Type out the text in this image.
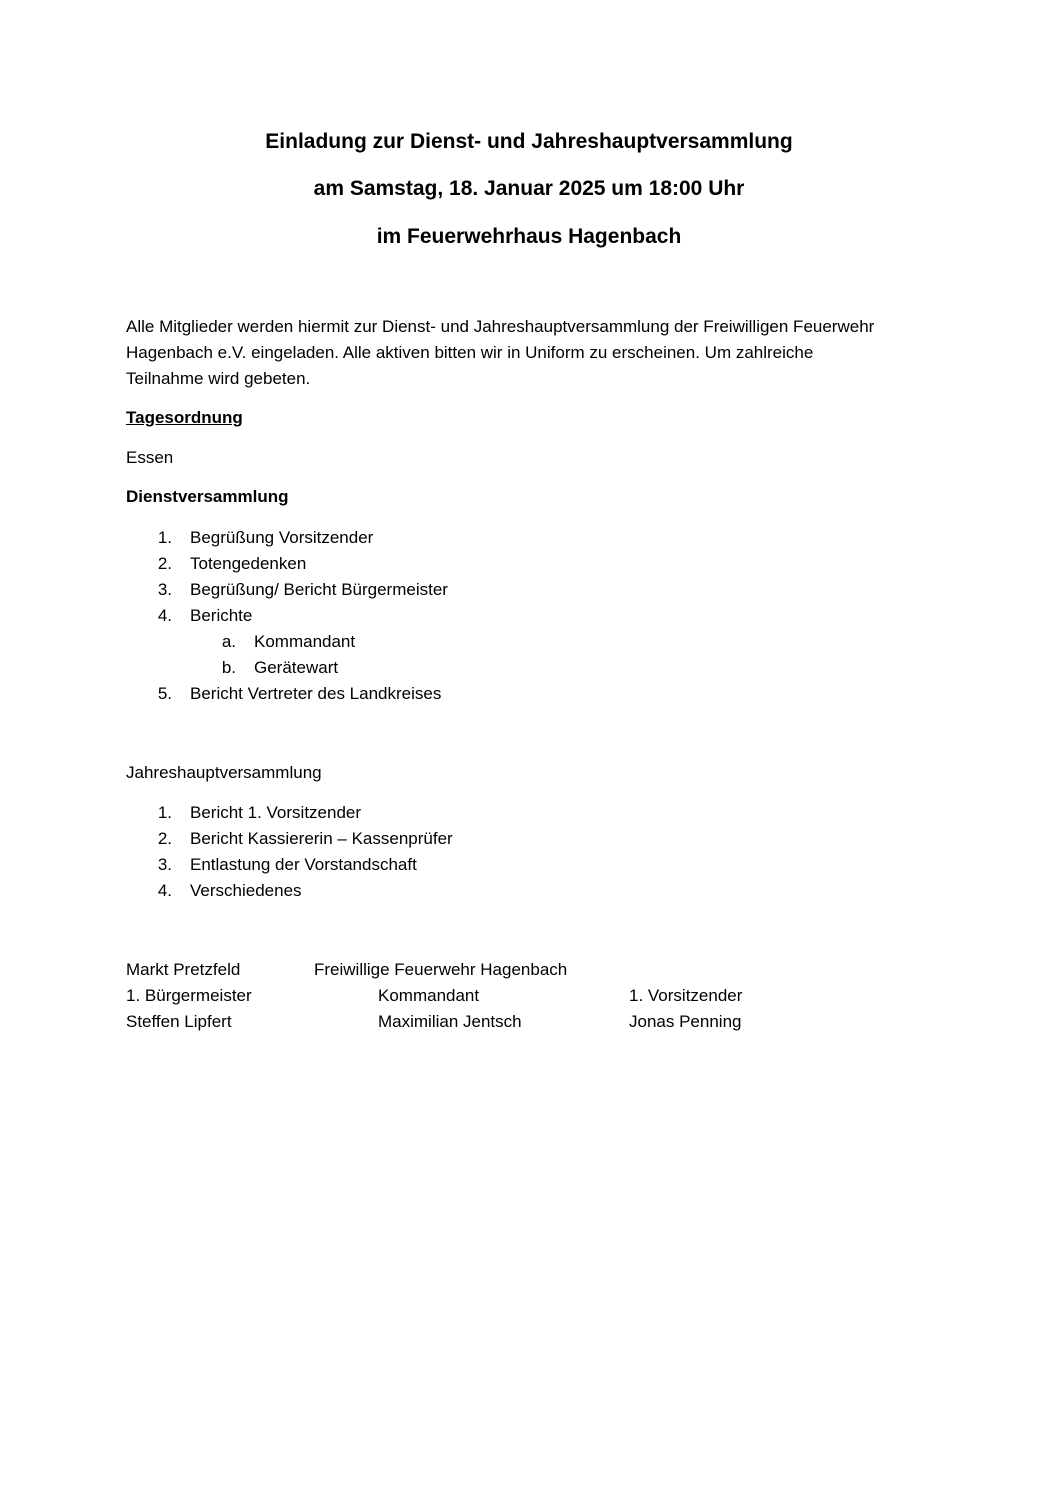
Einladung zur Dienst- und Jahreshauptversammlung
am Samstag, 18. Januar 2025 um 18:00 Uhr
im Feuerwehrhaus Hagenbach
Alle Mitglieder werden hiermit zur Dienst- und Jahreshauptversammlung der Freiwilligen Feuerwehr
Hagenbach e.V. eingeladen. Alle aktiven bitten wir in Uniform zu erscheinen. Um zahlreiche
Teilnahme wird gebeten.
Tagesordnung
Essen
Dienstversammlung
1. Begrüßung Vorsitzender
2. Totengedenken
3. Begrüßung/ Bericht Bürgermeister
4. Berichte
a. Kommandant
b. Gerätewart
5. Bericht Vertreter des Landkreises
Jahreshauptversammlung
1. Bericht 1. Vorsitzender
2. Bericht Kassiererin – Kassenprüfer
3. Entlastung der Vorstandschaft
4. Verschiedenes
Markt Pretzfeld	Freiwillige Feuerwehr Hagenbach
1. Bürgermeister	Kommandant	1. Vorsitzender
Steffen Lipfert	Maximilian Jentsch	Jonas Penning
